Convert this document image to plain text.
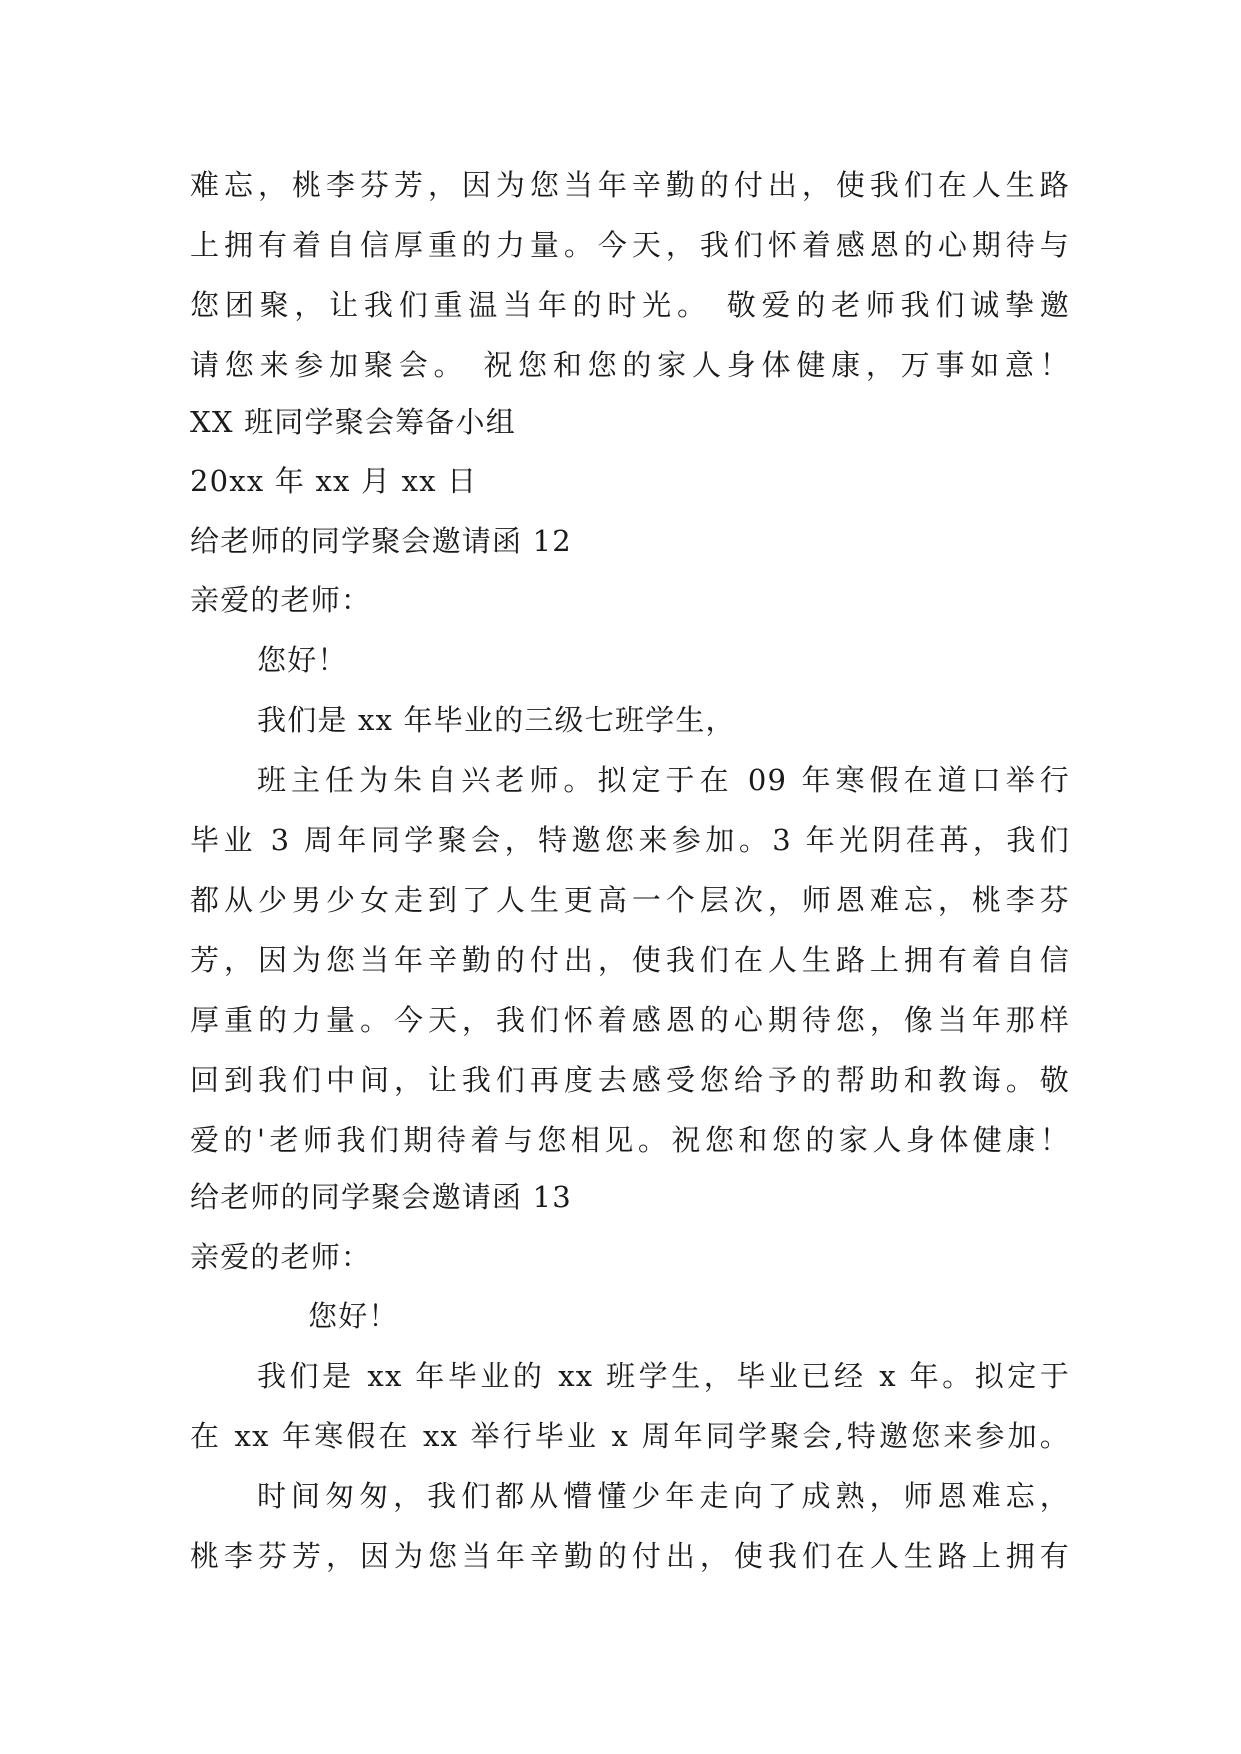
难忘，桃李芬芳，因为您当年辛勤的付出，使我们在人生路
上拥有着自信厚重的力量。今天，我们怀着感恩的心期待与
您团聚，让我们重温当年的时光。 敬爱的老师我们诚挚邀
请您来参加聚会。 祝您和您的家人身体健康，万事如意！
XX 班同学聚会筹备小组
20xx 年 xx 月 xx 日
给老师的同学聚会邀请函 12
亲爱的老师：
您好！
我们是 xx 年毕业的三级七班学生，
班主任为朱自兴老师。拟定于在 09 年寒假在道口举行
毕业 3 周年同学聚会，特邀您来参加。3 年光阴荏苒，我们
都从少男少女走到了人生更高一个层次，师恩难忘，桃李芬
芳，因为您当年辛勤的付出，使我们在人生路上拥有着自信
厚重的力量。今天，我们怀着感恩的心期待您，像当年那样
回到我们中间，让我们再度去感受您给予的帮助和教诲。敬
爱的'老师我们期待着与您相见。祝您和您的家人身体健康！
给老师的同学聚会邀请函 13
亲爱的老师：
您好！
我们是 xx 年毕业的 xx 班学生，毕业已经 x 年。拟定于
在 xx 年寒假在 xx 举行毕业 x 周年同学聚会,特邀您来参加。
时间匆匆，我们都从懵懂少年走向了成熟，师恩难忘，
桃李芬芳，因为您当年辛勤的付出，使我们在人生路上拥有
